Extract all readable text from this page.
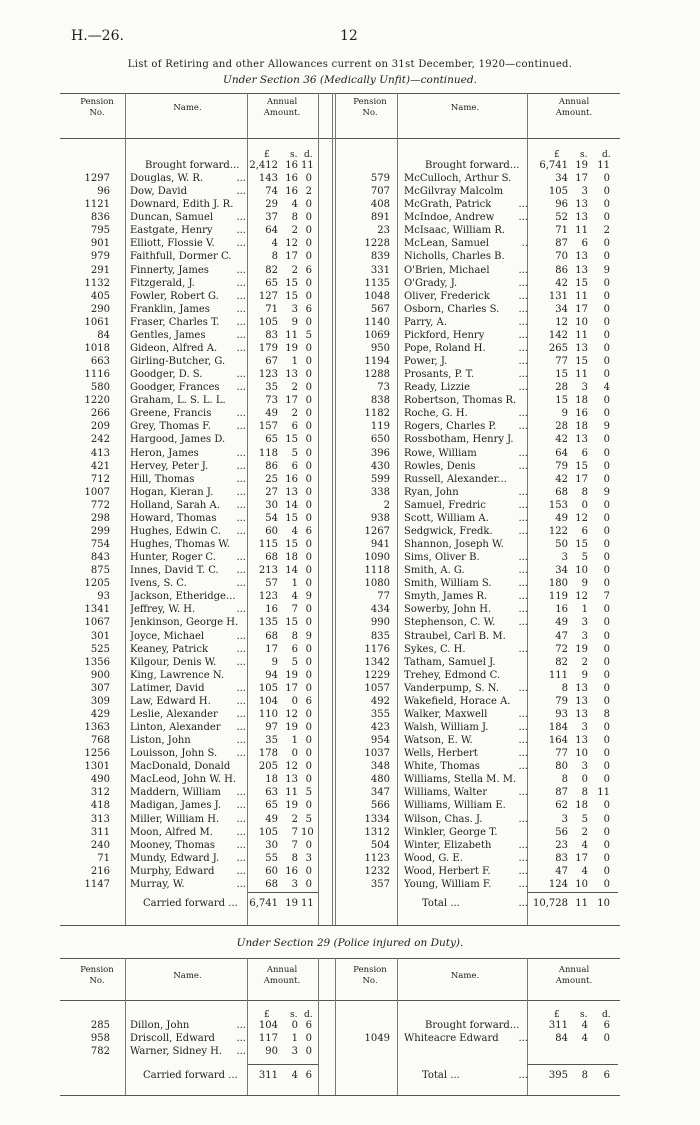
H.—26.	12
List of Retiring and other Allowances current on 31st December, 1920—continued.
Under Section 36 (Medically Unfit)—continued.
Pension
No.	Name.
Annual
Amount.
Pension
No.	Name.
Annual
Amount.
£ s. d.	£ s. d.
Brought forward... 2,412 16 11	Brought forward...	6,741 19 11
1297 Douglas, W. R.	...	143 16 0
96 Dow, David	...	74 16 2
1121 Downard, Edith J. R.	29	4 0
836 Duncan, Samuel	...	37	8 0
795 Eastgate, Henry	...	64	2 0
901 Elliott, Flossie V.	...	4 12 0
979 Faithfull, Dormer C.	8 17 0
291 Finnerty, James	...	82	2 6
1132 Fitzgerald, J.	...	65 15 0
405 Fowler, Robert G.	...	127 15 0
290 Franklin, James	...	71	3 6
1061 Fraser, Charles T.	...	105	9 0
84 Gentles, James	...	83 11 5
1018 Gideon, Alfred A.	...	179 19 0
663 Girling-Butcher, G.	67	1 0
1116 Goodger, D. S.	...	123 13 0
580 Goodger, Frances	...	35	2 0
1220 Graham, L. S. L. L.	73 17 0
266 Greene, Francis	...	49	2 0
209 Grey, Thomas F.	...	157	6 0
242 Hargood, James D.	65 15 0
413 Heron, James	...	118	5 0
421 Hervey, Peter J.	...	86	6 0
712 Hill, Thomas	...	25 16 0
1007 Hogan, Kieran J.	...	27 13 0
772 Holland, Sarah A.	...	30 14 0
298 Howard, Thomas	...	54 15 0
299 Hughes, Edwin C.	...	60	4 6
754 Hughes, Thomas W.	115 15 0
843 Hunter, Roger C.	...	68 18 0
875 Innes, David T. C.	...	213 14 0
1205 Ivens, S. C.	...	57	1 0
93 Jackson, Etheridge...	123	4 9
1341 Jeffrey, W. H.	...	16	7 0
1067 Jenkinson, George H.	135 15 0
301 Joyce, Michael	...	68	8 9
525 Keaney, Patrick	...	17	6 0
1356 Kilgour, Denis W.	...	9	5 0
900 King, Lawrence N.	94 19 0
307 Latimer, David	...	105 17 0
309 Law, Edward H.	...	104	0 6
429 Leslie, Alexander	...	110 12 0
1363 Linton, Alexander	...	97 19 0
768 Liston, John	...	35	1 0
1256 Louisson, John S.	...	178	0 0
1301 MacDonald, Donald	205 12 0
490 MacLeod, John W. H.	18 13 0
312 Maddern, William	...	63 11 5
418 Madigan, James J.	...	65 19 0
313 Miller, William H.	...	49	2 5
311 Moon, Alfred M.	...	105	7 10
240 Mooney, Thomas	...	30	7 0
71 Mundy, Edward J.	...	55	8 3
216 Murphy, Edward	...	60 16 0
1147 Murray, W.	...	68	3 0
579 McCulloch, Arthur S.	34 17	0
707 McGilvray Malcolm	105	3	0
408 McGrath, Patrick	...	96 13	0
891 McIndoe, Andrew	...	52 13	0
23 McIsaac, William R.	71 11	2
1228 McLean, Samuel	..	87	6	0
839 Nicholls, Charles B.	70 13	0
331 O'Brien, Michael	...	86 13	9
1135 O'Grady, J.	...	42 15	0
1048 Oliver, Frederick	...	131 11	0
567 Osborn, Charles S.	...	34 17	0
1140 Parry, A.	...	12 10	0
1069 Pickford, Henry	...	142 11	0
950 Pope, Roland H.	...	265 13	0
1194 Power, J.	...	77 15	0
1288 Prosants, P. T.	...	15 11	0
73 Ready, Lizzie	...	28	3	4
838 Robertson, Thomas R.	15 18	0
1182 Roche, G. H.	...	9 16	0
119 Rogers, Charles P.	...	28 18	9
650 Rossbotham, Henry J.	42 13	0
396 Rowe, William	...	64	6	0
430 Rowles, Denis	...	79 15	0
599 Russell, Alexander...	42 17	0
338 Ryan, John	...	68	8	9
2 Samuel, Fredric	...	153	0	0
938 Scott, William A.	...	49 12	0
1267 Sedgwick, Fredk.	...	122	6	0
941 Shannon, Joseph W.	50 15	0
1090 Sims, Oliver B.	...	3	5	0
1118 Smith, A. G.	...	34 10	0
1080 Smith, William S.	...	180	9	0
77 Smyth, James R.	...	119 12	7
434 Sowerby, John H.	...	16	1	0
990 Stephenson, C. W.	...	49	3	0
835 Straubel, Carl B. M.	47	3	0
1176 Sykes, C. H.	...	72 19	0
1342 Tatham, Samuel J.	82	2	0
1229 Trehey, Edmond C.	111	9	0
1057 Vanderpump, S. N.	...	8 13	0
492 Wakefield, Horace A.	79 13	0
355 Walker, Maxwell	...	93 13	8
423 Walsh, William J.	...	184	3	0
954 Watson, E. W.	...	164 13	0
1037 Wells, Herbert	...	77 10	0
348 White, Thomas	...	80	3	0
480 Williams, Stella M. M.	8	0	0
347 Williams, Walter	...	87	8 11
566 Williams, William E.	62 18	0
1334 Wilson, Chas. J.	...	3	5	0
1312 Winkler, George T.	56	2	0
504 Winter, Elizabeth	...	23	4	0
1123 Wood, G. E.	...	83 17	0
1232 Wood, Herbert F.	...	47	4	0
357 Young, William F.	...	124 10	0
Carried forward ...	6,741 19 11	Total ...	... 10,728 11 10
Under Section 29 (Police injured on Duty).
Pension
No.	Name.
Annual
Amount.
Pension
No.	Name.
Annual
Amount.
£ s. d.	£ s. d.
285 Dillon, John	...	104	0 6
958 Driscoll, Edward	...	117	1 0
782 Warner, Sidney H.	...	90	3 0
Brought forward...	311	4	6
1049 Whiteacre Edward	...	84	4	0
Carried forward ...	311	4 6	Total ...	...	395	8	6
